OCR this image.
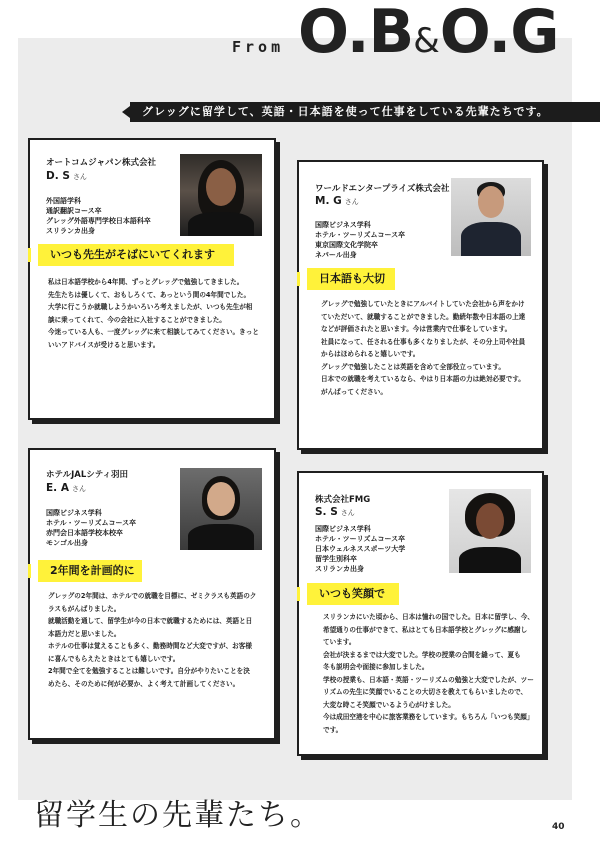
From O.B&O.G
グレッグに留学して、英語・日本語を使って仕事をしている先輩たちです。
オートコムジャパン株式会社
D. S さん
外国語学科
通訳翻訳コース卒
グレッグ外語専門学校日本語科卒
スリランカ出身
いつも先生がそばにいてくれます

私は日本語学校から4年間、ずっとグレッグで勉強してきました。

先生たちは優しくて、おもしろくて、あっという間の4年間でした。

大学に行こうか就職しようかいろいろ考えましたが、いつも先生が相

談に乗ってくれて、今の会社に入社することができました。

今迷っている人も、一度グレッグに来て相談してみてください。きっと

いいアドバイスが受けると思います。

ワールドエンタープライズ株式会社
M. G さん
国際ビジネス学科
ホテル・ツーリズムコース卒
東京国際文化学院卒
ネパール出身
日本語も大切

グレッグで勉強していたときにアルバイトしていた会社から声をかけ

ていただいて、就職することができました。勤続年数や日本語の上達

などが評価されたと思います。今は営業内で仕事をしています。

社員になって、任される仕事も多くなりましたが、その分上司や社員

からはほめられると嬉しいです。

グレッグで勉強したことは英語を含めて全部役立っています。

日本での就職を考えているなら、やはり日本語の力は絶対必要です。

がんばってください。

ホテルJALシティ羽田
E. A さん
国際ビジネス学科
ホテル・ツーリズムコース卒
赤門会日本語学校本校卒
モンゴル出身
2年間を計画的に

グレッグの2年間は、ホテルでの就職を目標に、ゼミクラスも英語のク

ラスもがんばりました。

就職活動を通して、留学生が今の日本で就職するためには、英語と日

本語力だと思いました。

ホテルの仕事は覚えることも多く、勤務時間など大変ですが、お客様

に喜んでもらえたときはとても嬉しいです。

2年間で全てを勉強することは難しいです。自分がやりたいことを決

めたら、そのために何が必要か、よく考えて計画してください。

株式会社FMG
S. S さん
国際ビジネス学科
ホテル・ツーリズムコース卒
日本ウェルネススポーツ大学
留学生別科卒
スリランカ出身
いつも笑顔で

スリランカにいた頃から、日本は憧れの国でした。日本に留学し、今、

希望通りの仕事ができて、私はとても日本語学校とグレッグに感謝し

ています。

会社が決まるまでは大変でした。学校の授業の合間を縫って、夏も

冬も説明会や面接に参加しました。

学校の授業も、日本語・英語・ツーリズムの勉強と大変でしたが、ツー

リズムの先生に笑顔でいることの大切さを教えてもらいましたので、

大変な時こそ笑顔でいるよう心がけました。

今は成田空港を中心に旅客業務をしています。もちろん「いつも笑顔」

です。

留学生の先輩たち。	40
